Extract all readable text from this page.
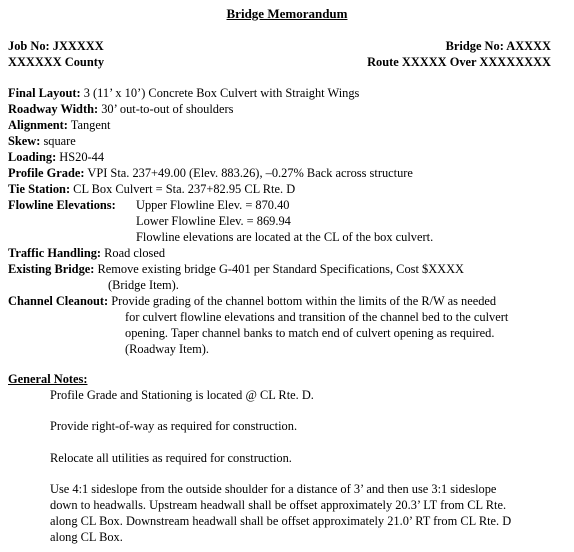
Bridge Memorandum
Job No: JXXXXX	Bridge No: AXXXX
XXXXXX County	Route XXXXX Over XXXXXXXX
Final Layout: 3 (11’ x 10’) Concrete Box Culvert with Straight Wings
Roadway Width: 30’ out-to-out of shoulders
Alignment: Tangent
Skew: square
Loading: HS20-44
Profile Grade: VPI Sta. 237+49.00 (Elev. 883.26), –0.27% Back across structure
Tie Station: CL Box Culvert = Sta. 237+82.95 CL Rte. D
Flowline Elevations: Upper Flowline Elev. = 870.40
Lower Flowline Elev. = 869.94
Flowline elevations are located at the CL of the box culvert.
Traffic Handling: Road closed
Existing Bridge: Remove existing bridge G-401 per Standard Specifications, Cost $XXXX
(Bridge Item).
Channel Cleanout: Provide grading of the channel bottom within the limits of the R/W as needed
for culvert flowline elevations and transition of the channel bed to the culvert
opening. Taper channel banks to match end of culvert opening as required.
(Roadway Item).
General Notes:
Profile Grade and Stationing is located @ CL Rte. D.
Provide right-of-way as required for construction.
Relocate all utilities as required for construction.
Use 4:1 sideslope from the outside shoulder for a distance of 3’ and then use 3:1 sideslope
down to headwalls. Upstream headwall shall be offset approximately 20.3’ LT from CL Rte.
along CL Box. Downstream headwall shall be offset approximately 21.0’ RT from CL Rte. D
along CL Box.
